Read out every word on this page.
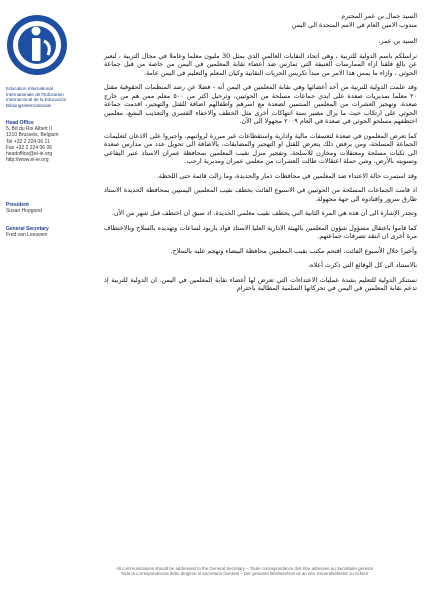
Education International
Internationale de l'Education
Internacional de la Educación
Bildungsinternationale
Head Office
5, Bd du Roi Albert II
1210 Brussels, Belgium
Tel +32 2 224 06 11
Fax +32 2 224 06 06
headoffice@ei-ie.org
http://www.ei-ie.org
President
Susan Hopgood
General Secretary
Fred van Leeuwen
السيد جمال بن عمر المحترم
مندوب الامين العام في الامم المتحدة الى اليمن

السيد بن عمر،

نراسلكم باسم الدولية للتربية ، وهي اتحاد النقابات العالمي الذي يمثل 30 مليون معلما وعاملا في مجال التربية ، لنعبر عن بالغ قلقنا ازاء الممارسات العنيفة التي تمارس ضد أعضاء نقابة المعلمين في اليمن من خاصة من قبل جماعة الحوثي ، وازاء ما يمس هذا الامر من مبدأ تكريس الحريات النقابية وكيان المعلم والتعليم في اليمن عامة.

وقد علمت الدولية للتربية من أحد أعضائها وهي نقابة المعلمين في اليمن أنه - فضلا عن رصد المنظمات الحقوقية مقتل ٢٠ معلما بمديريات صعدة على ايدي جماعات مسلحة من الحوثيين، وترحيل اكثر من ٥٠٠ معلم ممن هم من خارج صعدة، وتهجير العشرات من المعلمين المنتمين لصعدة مع اسرهم واطفالهم اضافة للقتل والتهجير، اقدمت جماعة الحوثي على ارتكاب حيث ما يزال مصير ستة انتهاكات أخرى مثل الخطف والاخفاء القسري والتعذيب البشع، معلمين اختطفهم مسلحو الحوثي في صعدة في العام ٢٠٠٩ مجهولا الى الآن.

كما تعرض المعلمون في صعدة لتعسفات مالية وادارية واستقطاعات غير مبررة لرواتبهم، واجبروا على الاذعان لتعليمات الجماعة المسلحة، ومن يرفض ذلك يتعرض للقتل او التهجير والمضايقات، بالاضافة الى تحويل عدد من مدارس صعدة الى ثكنات مسلحة ومعتقلات ومخازن للاسلحة، وتفجير منزل نقيب المعلمين بمحافظة عمران الاستاذ عتير اليفاعي وتسويته بالأرض، وشن حملة اعتقالات طالت العشرات من معلمي عمران ومديرية ارحب.

وقد استمرت حالة الاعتداء ضد المعلمين في محافظات ذمار والحديدة، وما زالت قائمة حتى اللحظة.

اذ قامت الجماعات المسلحة من الحوثيين في الاسبوع الفائت بخطف نقيب المعلمين اليمنيين بمحافظة الحديدة الاستاذ طارق سرور واقتادوه الى جهة مجهولة.

وتجدر الإشارة الى أن هذه هي المرة الثانية التي يخطف نقيب معلمي الحديدة، اذ سبق ان اختطف قبل شهر من الآن.

كما قاموا باعتقال مسؤول شؤون المعلمين بالهيئة الادارية العليا الاستاذ فواد باريود لساعات وتهديده بالسلاح وبالاختطاف مرة أخرى ان انتقد تصرفات جماعتهم.

وأخيرا خلال الأسبوع الفائت، اقتحم مكتب نقيب المعلمين محافظة البيضاء وتهجم عليه بالسلاح.

بالاستناد الى كل الوقائع التي ذكرت أعلاه،

نستنكر الدولية للتعليم بشدة عمليات الاعتداءات التي تعرض لها أعضاء نقابة المعلمين في اليمن. ان الدولية للتربية إذ تدعم نقابة المعلمين في اليمن في تحركاتها السلمية المطالبة باحترام

All communications should be addressed to the General Secretary – Toute correspondance doit être adressée au Secrétaire général
Toda la correspondencia debe dirigirse al Secretario General – Der gesamte Briefwechsel ist an den Generalsekretär zu richten
